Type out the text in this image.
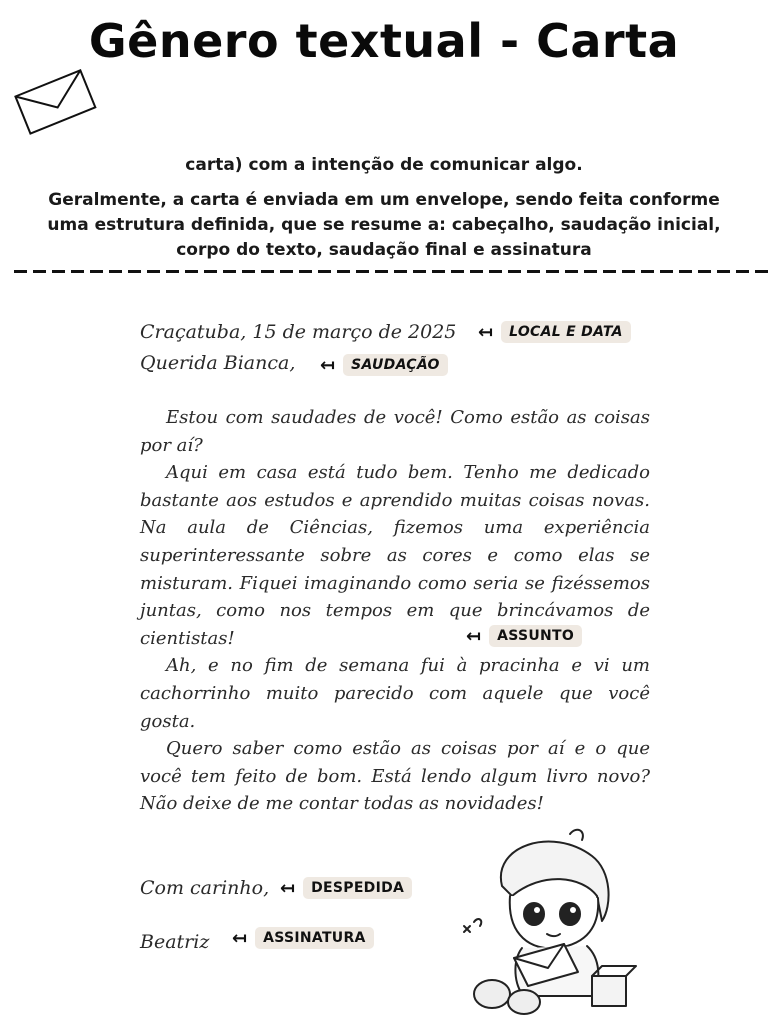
Gênero textual - Carta
carta) com a intenção de comunicar algo.
Geralmente, a carta é enviada em um envelope, sendo feita conforme uma estrutura definida, que se resume a: cabeçalho, saudação inicial, corpo do texto, saudação final e assinatura
Craçatuba, 15 de março de 2025 ↤	LOCAL E DATA
Querida Bianca, ↤	SAUDAÇÃO

Estou com saudades de você! Como estão as coisas por aí?

Aqui em casa está tudo bem. Tenho me dedicado bastante aos estudos e aprendido muitas coisas novas. Na aula de Ciências, fizemos uma experiência superinteressante sobre as cores e como elas se misturam. Fiquei imaginando como seria se fizéssemos juntas, como nos tempos em que brincávamos de cientistas!

Ah, e no fim de semana fui à pracinha e vi um cachorrinho muito parecido com aquele que você gosta.

Quero saber como estão as coisas por aí e o que você tem feito de bom. Está lendo algum livro novo? Não deixe de me contar todas as novidades!

↤	ASSUNTO
Com carinho, ↤	DESPEDIDA
Beatriz ↤	ASSINATURA
